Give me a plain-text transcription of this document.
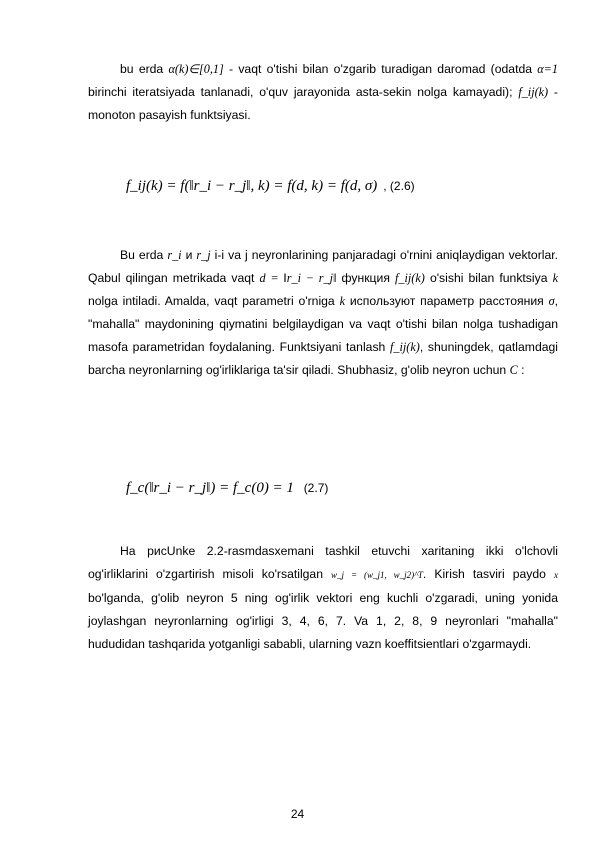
bu erda α(k)∈[0,1] - vaqt o'tishi bilan o'zgarib turadigan daromad (odatda α=1 birinchi iteratsiyada tanlanadi, o'quv jarayonida asta-sekin nolga kamayadi); f_ij(k) - monoton pasayish funktsiyasi.
f_ij(k) = f(‖r_i − r_j‖, k) = f(d, k) = f(d, σ) , (2.6)
Bu erda r_i и r_j i-i va j neyronlarining panjaradagi o'rnini aniqlaydigan vektorlar. Qabul qilingan metrikada vaqt d = ‖r_i − r_j‖ функция f_ij(k) o'sishi bilan funktsiya k nolga intiladi. Amalda, vaqt parametri o'rniga k используют параметр расстояния σ, "mahalla" maydonining qiymatini belgilaydigan va vaqt o'tishi bilan nolga tushadigan masofa parametridan foydalaning. Funktsiyani tanlash f_ij(k), shuningdek, qatlamdagi barcha neyronlarning og'irliklariga ta'sir qiladi. Shubhasiz, g'olib neyron uchun C :
f_c(‖r_i − r_j‖) = f_c(0) = 1 (2.7)
На рисUnke 2.2-rasmdasxemani tashkil etuvchi xaritaning ikki o'lchovli og'irliklarini o'zgartirish misoli ko'rsatilgan w_j = (w_j1, w_j2)^T. Kirish tasviri paydo x bo'lganda, g'olib neyron 5 ning og'irlik vektori eng kuchli o'zgaradi, uning yonida joylashgan neyronlarning og'irligi 3, 4, 6, 7. Va 1, 2, 8, 9 neyronlari "mahalla" hududidan tashqarida yotganligi sababli, ularning vazn koeffitsientlari o'zgarmaydi.
24
